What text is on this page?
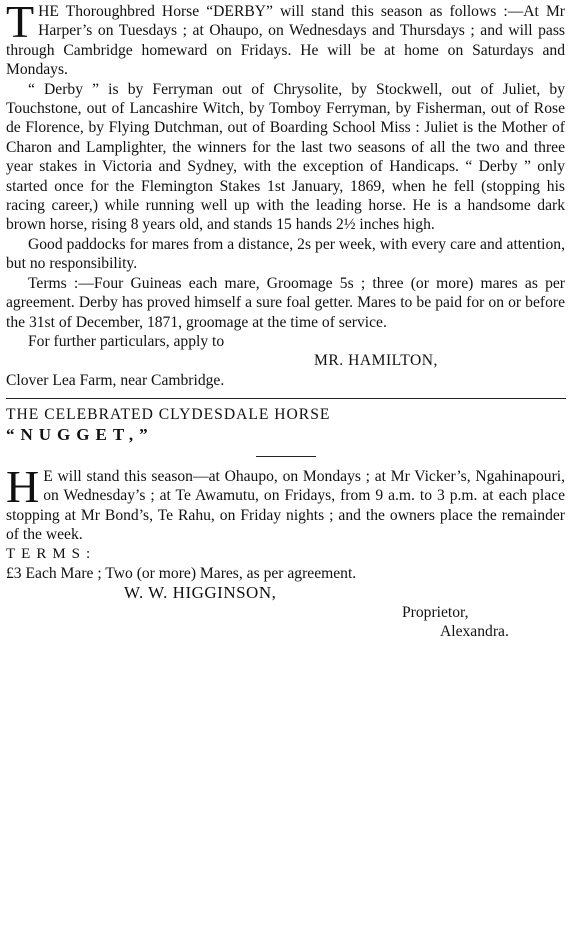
THE Thoroughbred Horse “DERBY” will stand this season as follows :—At Mr Harper’s on Tuesdays ; at Ohaupo, on Wednesdays and Thursdays ; and will pass through Cambridge homeward on Fridays. He will be at home on Saturdays and Mondays.

“ Derby ” is by Ferryman out of Chrysolite, by Stockwell, out of Juliet, by Touchstone, out of Lancashire Witch, by Tomboy Ferryman, by Fisherman, out of Rose de Florence, by Flying Dutchman, out of Boarding School Miss : Juliet is the Mother of Charon and Lamplighter, the winners for the last two seasons of all the two and three year stakes in Victoria and Sydney, with the exception of Handicaps. “ Derby ” only started once for the Flemington Stakes 1st January, 1869, when he fell (stopping his racing career,) while running well up with the leading horse. He is a handsome dark brown horse, rising 8 years old, and stands 15 hands 2½ inches high.

Good paddocks for mares from a distance, 2s per week, with every care and attention, but no responsibility.

Terms :—Four Guineas each mare, Groomage 5s ; three (or more) mares as per agreement. Derby has proved himself a sure foal getter. Mares to be paid for on or before the 31st of December, 1871, groomage at the time of service.

For further particulars, apply to

MR. HAMILTON,

Clover Lea Farm, near Cambridge.

THE CELEBRATED CLYDESDALE HORSE

“NUGGET,”

H E will stand this season—at Ohaupo, on Mondays ; at Mr Vicker’s, Ngahinapouri, on Wednesday’s ; at Te Awamutu, on Fridays, from 9 a.m. to 3 p.m. at each place stopping at Mr Bond’s, Te Rahu, on Friday nights ; and the owners place the remainder of the week.

TERMS:

£3 Each Mare ; Two (or more) Mares, as per agreement.

W. W. HIGGINSON,

Proprietor,

Alexandra.
